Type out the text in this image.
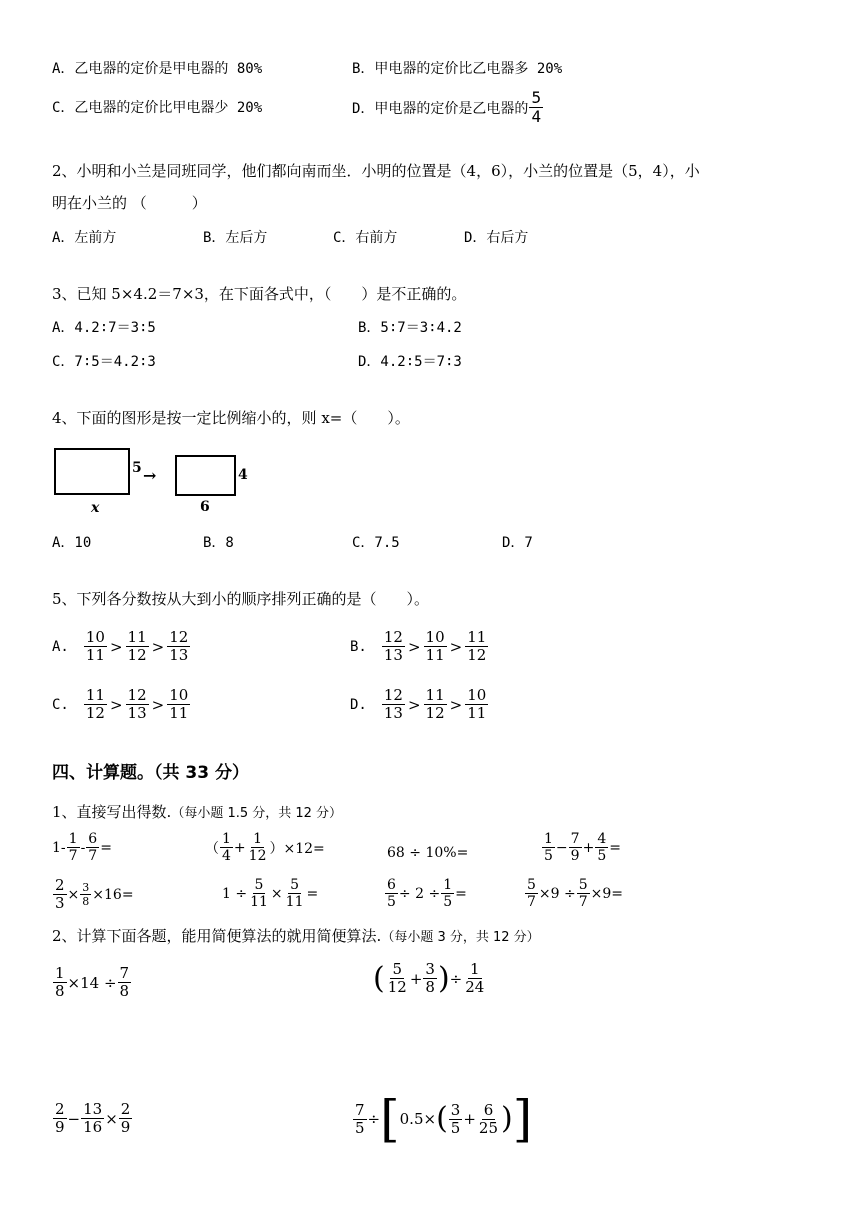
A．乙电器的定价是甲电器的 80%	B．甲电器的定价比乙电器多 20%
C．乙电器的定价比甲电器少 20%	D．甲电器的定价是乙电器的 $\frac{5}{4}$
2、小明和小兰是同班同学，他们都向南而坐．小明的位置是（4，6），小兰的位置是（5，4），小
明在小兰的 （　　　）
A．左前方	B．左后方	C．右前方	D．右后方
3、已知 5×4.2＝7×3，在下面各式中，（　　）是不正确的。
A．4.2∶7＝3∶5	B．5∶7＝3∶4.2
C．7∶5＝4.2∶3	D．4.2∶5＝7∶3
4、下面的图形是按一定比例缩小的，则 x=（　　）。
5 →	4
x	6
A．10	B．8	C．7.5	D．7
5、下列各分数按从大到小的顺序排列正确的是（　　）。
A. $\frac{10}{11} > \frac{11}{12} > \frac{12}{13}$	B. $\frac{12}{13} > \frac{10}{11} > \frac{11}{12}$
C. $\frac{11}{12} > \frac{12}{13} > \frac{10}{11}$	D. $\frac{12}{13} > \frac{11}{12} > \frac{10}{11}$
四、计算题。（共 33 分）
1、直接写出得数.（每小题 1.5 分，共 12 分）
$1- \frac{1}{7} - \frac{6}{7}$ =	（ $\frac{1}{4} + \frac{1}{12} )\times 12=$	68 ÷ 10%=	$\frac{1}{5} - \frac{7}{9} + \frac{4}{5}$ =
$\frac{2}{3} \times \frac{3}{8} \times 16=$	$1 \div \frac{5}{11} \times \frac{5}{11}$ =	$\frac{6}{5} \div 2 \div \frac{1}{5}$ =	$\frac{5}{7} \times 9 \div \frac{5}{7} \times 9=$
2、计算下面各题，能用简便算法的就用简便算法.（每小题 3 分，共 12 分）
$\frac{1}{8} \times 14 \div \frac{7}{8}$	( $\frac{5}{12} + \frac{3}{8}$ ) ÷ $\frac{1}{24}$
$\frac{2}{9} - \frac{13}{16} \times \frac{2}{9}$	$\frac{7}{5}$ ÷ [ 0.5× ( $\frac{3}{5} + \frac{6}{25}$ ) ]
